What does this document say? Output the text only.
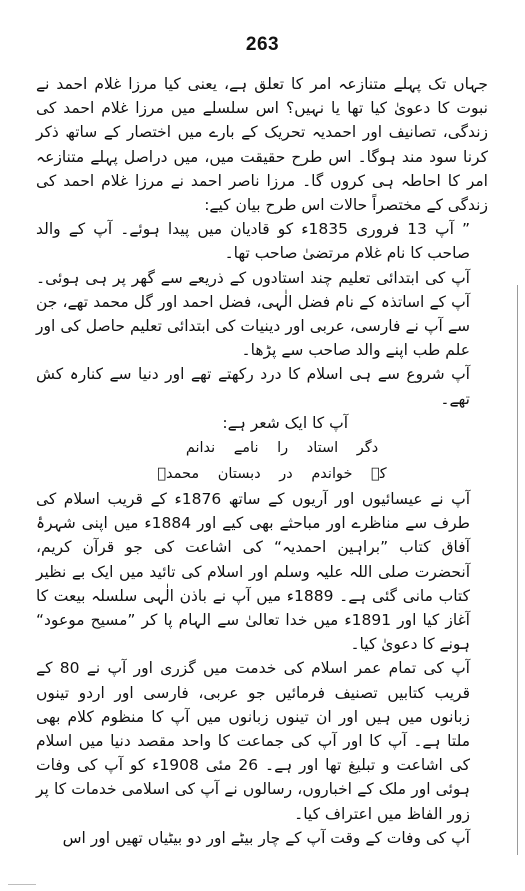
263

جہاں تک پہلے متنازعہ امر کا تعلق ہے، یعنی کیا مرزا غلام احمد نے نبوت کا دعویٰ کیا تھا یا نہیں؟ اس سلسلے میں مرزا غلام احمد کی زندگی، تصانیف اور احمدیہ تحریک کے بارے میں اختصار کے ساتھ ذکر کرنا سود مند ہوگا۔ اس طرح حقیقت میں، میں دراصل پہلے متنازعہ امر کا احاطہ ہی کروں گا۔ مرزا ناصر احمد نے مرزا غلام احمد کی زندگی کے مختصراً حالات اس طرح بیان کیے:

” آپ 13 فروری 1835ء کو قادیان میں پیدا ہوئے۔ آپ کے والد صاحب کا نام غلام مرتضیٰ صاحب تھا۔

آپ کی ابتدائی تعلیم چند استادوں کے ذریعے سے گھر پر ہی ہوئی۔ آپ کے اساتذہ کے نام فضل الٰہی، فضل احمد اور گل محمد تھے، جن سے آپ نے فارسی، عربی اور دینیات کی ابتدائی تعلیم حاصل کی اور علم طب اپنے والد صاحب سے پڑھا۔

آپ شروع سے ہی اسلام کا درد رکھتے تھے اور دنیا سے کنارہ کش تھے۔

آپ کا ایک شعر ہے:

دگر استاد را نامے ندانم

کہ خواندم در دبستان محمدؐ

آپ نے عیسائیوں اور آریوں کے ساتھ 1876ء کے قریب اسلام کی طرف سے مناظرے اور مباحثے بھی کیے اور 1884ء میں اپنی شہرۂ آفاق کتاب ”براہین احمدیہ“ کی اشاعت کی جو قرآن کریم، آنحضرت صلی اللہ علیہ وسلم اور اسلام کی تائید میں ایک بے نظیر کتاب مانی گئی ہے۔ 1889ء میں آپ نے باذن الٰہی سلسلہ بیعت کا آغاز کیا اور 1891ء میں خدا تعالیٰ سے الہام پا کر ”مسیح موعود“ ہونے کا دعویٰ کیا۔

آپ کی تمام عمر اسلام کی خدمت میں گزری اور آپ نے 80 کے قریب کتابیں تصنیف فرمائیں جو عربی، فارسی اور اردو تینوں زبانوں میں ہیں اور ان تینوں زبانوں میں آپ کا منظوم کلام بھی ملتا ہے۔ آپ کا اور آپ کی جماعت کا واحد مقصد دنیا میں اسلام کی اشاعت و تبلیغ تھا اور ہے۔ 26 مئی 1908ء کو آپ کی وفات ہوئی اور ملک کے اخباروں، رسالوں نے آپ کی اسلامی خدمات کا پر زور الفاظ میں اعتراف کیا۔

آپ کی وفات کے وقت آپ کے چار بیٹے اور دو بیٹیاں تھیں اور اس
